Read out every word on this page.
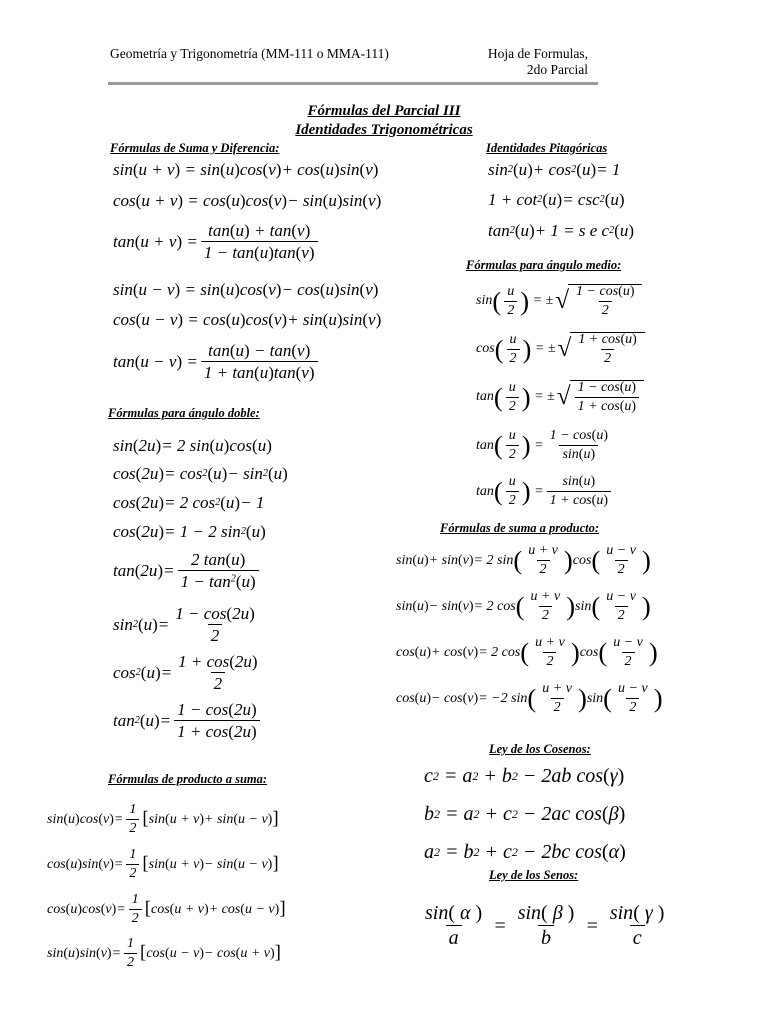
Geometría y Trigonometría (MM-111 o MMA-111)	Hoja de Formulas,
2do Parcial
Fórmulas del Parcial III
Identidades Trigonométricas
Fórmulas de Suma y Diferencia:
sin ( u + v ) = sin ( u ) cos ( v ) + cos ( u ) sin ( v )
cos ( u + v ) = cos ( u ) cos ( v ) − sin ( u ) sin ( v )
tan ( u + v ) = $\frac{\tan(u) + \tan(v)}{1 - \tan(u)\tan(v)}$
sin ( u − v ) = sin ( u ) cos ( v ) − cos ( u ) sin ( v )
cos ( u − v ) = cos ( u ) cos ( v ) + sin ( u ) sin ( v )
tan ( u − v ) = $\frac{\tan(u) - \tan(v)}{1 + \tan(u)\tan(v)}$
Identidades Pitagóricas
sin 2 ( u ) + cos 2 ( u ) = 1
1 + cot 2 ( u ) = csc 2 ( u )
tan 2 ( u ) + 1 = s e c 2 ( u )
Fórmulas para ángulo medio:
sin ( $\frac{u}{2}$ ) = ± √ $\frac{1 - \cos(u)}{2}$
cos ( $\frac{u}{2}$ ) = ± √ $\frac{1 + \cos(u)}{2}$
tan ( $\frac{u}{2}$ ) = ± √ $\frac{1 - \cos(u)}{1 + \cos(u)}$
tan ( $\frac{u}{2}$ ) = $\frac{1 - \cos(u)}{\sin(u)}$
tan ( $\frac{u}{2}$ ) = $\frac{\sin(u)}{1 + \cos(u)}$
Fórmulas para ángulo doble:
sin ( 2u ) = 2 sin ( u ) cos ( u )
cos ( 2u ) = cos 2 ( u ) − sin 2 ( u )
cos ( 2u ) = 2 cos 2 ( u ) − 1
cos ( 2u ) = 1 − 2 sin 2 ( u )
tan ( 2u ) = $\frac{2 \tan(u)}{1 - \tan^2(u)}$
sin 2 ( u ) = $\frac{1 - \cos(2u)}{2}$
cos 2 ( u ) = $\frac{1 + \cos(2u)}{2}$
tan 2 ( u ) = $\frac{1 - \cos(2u)}{1 + \cos(2u)}$
Fórmulas de suma a producto:
sin ( u ) + sin ( v ) = 2 sin ( $\frac{u + v}{2}$ ) cos ( $\frac{u - v}{2}$ )
sin ( u ) − sin ( v ) = 2 cos ( $\frac{u + v}{2}$ ) sin ( $\frac{u - v}{2}$ )
cos ( u ) + cos ( v ) = 2 cos ( $\frac{u + v}{2}$ ) cos ( $\frac{u - v}{2}$ )
cos ( u ) − cos ( v ) = −2 sin ( $\frac{u + v}{2}$ ) sin ( $\frac{u - v}{2}$ )
Ley de los Cosenos:
c 2 = a 2 + b 2 − 2ab cos ( γ )
b 2 = a 2 + c 2 − 2ac cos ( β )
a 2 = b 2 + c 2 − 2bc cos ( α )
Fórmulas de producto a suma:
sin ( u ) cos ( v ) = $\frac{1}{2}$ [ sin ( u + v ) + sin ( u − v ) ]
cos ( u ) sin ( v ) = $\frac{1}{2}$ [ sin ( u + v ) − sin ( u − v ) ]
cos ( u ) cos ( v ) = $\frac{1}{2}$ [ cos ( u + v ) + cos ( u − v ) ]
sin ( u ) sin ( v ) = $\frac{1}{2}$ [ cos ( u − v ) − cos ( u + v ) ]
Ley de los Senos:
$\frac{\sin( \alpha )}{a} = \frac{\sin( \beta )}{b} = \frac{\sin( \gamma )}{c}$
